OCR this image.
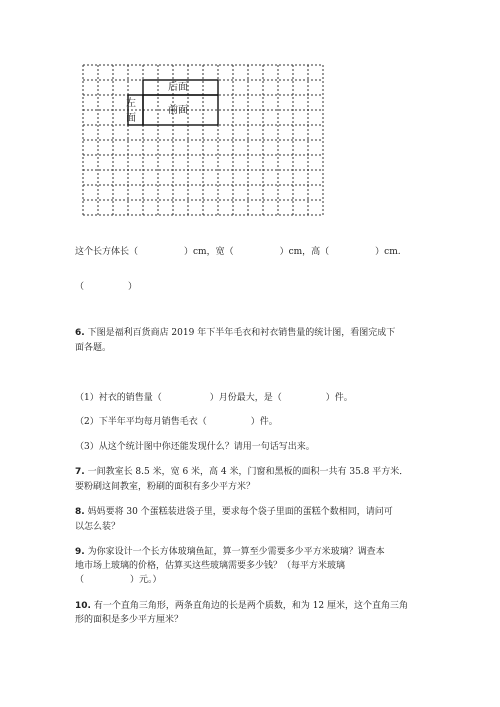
后面
前面
左
面
这个长方体长（	）cm，宽（	）cm，高（	）cm.
（	）
6. 下图是福利百货商店 2019 年下半年毛衣和衬衣销售量的统计图，看图完成下
面各题。
（1）衬衣的销售量（	）月份最大，是（	）件。
（2）下半年平均每月销售毛衣（	）件。
（3）从这个统计图中你还能发现什么？请用一句话写出来。
7. 一间教室长 8.5 米，宽 6 米，高 4 米，门窗和黑板的面积一共有 35.8 平方米．
要粉刷这间教室，粉刷的面积有多少平方米？
8. 妈妈要将 30 个蛋糕装进袋子里，要求每个袋子里面的蛋糕个数相同，请问可
以怎么装？
9. 为你家设计一个长方体玻璃鱼缸，算一算至少需要多少平方米玻璃？调查本
地市场上玻璃的价格，估算买这些玻璃需要多少钱？（每平方米玻璃
（	）元。）
10. 有一个直角三角形，两条直角边的长是两个质数，和为 12 厘米，这个直角三角
形的面积是多少平方厘米？
